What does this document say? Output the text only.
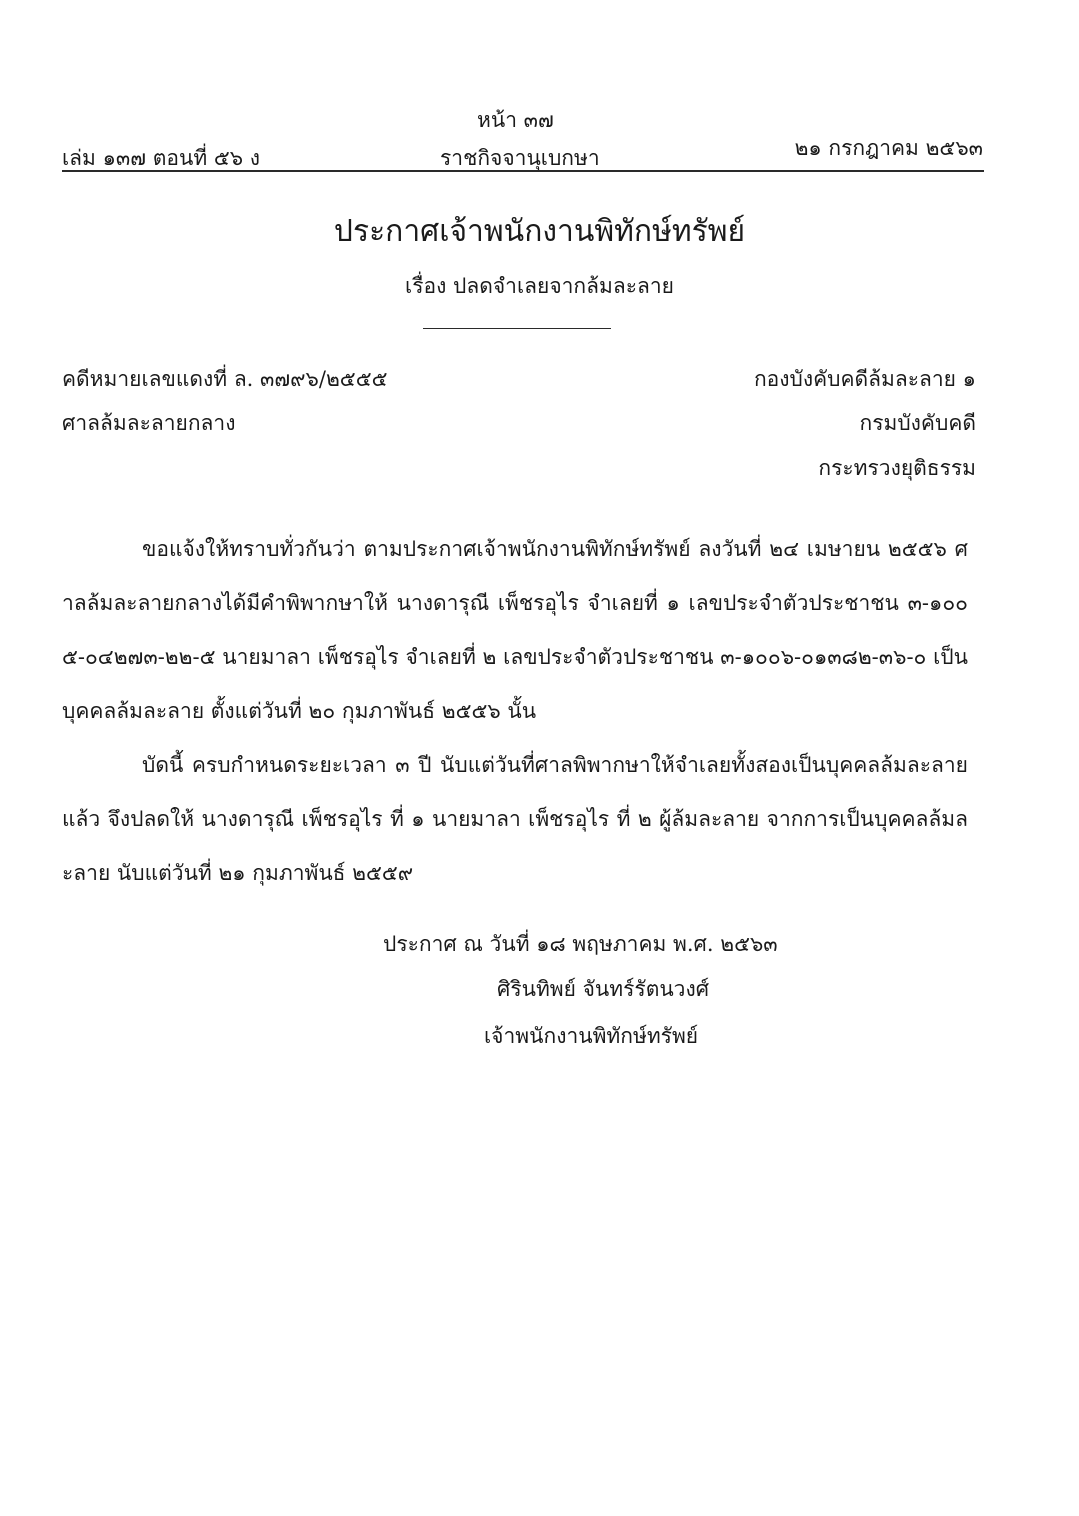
หน้า ๓๗
เล่ม ๑๓๗ ตอนที่ ๕๖ ง	ราชกิจจานุเบกษา	๒๑ กรกฎาคม ๒๕๖๓
ประกาศเจ้าพนักงานพิทักษ์ทรัพย์
เรื่อง ปลดจำเลยจากล้มละลาย
คดีหมายเลขแดงที่ ล. ๓๗๙๖/๒๕๕๕
ศาลล้มละลายกลาง
กองบังคับคดีล้มละลาย ๑
กรมบังคับคดี
กระทรวงยุติธรรม

ขอแจ้งให้ทราบทั่วกันว่า ตามประกาศเจ้าพนักงานพิทักษ์ทรัพย์ ลงวันที่ ๒๔ เมษายน ๒๕๕๖ ศาลล้มละลายกลางได้มีคำพิพากษาให้ นางดารุณี เพ็ชรอุไร จำเลยที่ ๑ เลขประจำตัวประชาชน ๓-๑๐๐๕-๐๔๒๗๓-๒๒-๕ นายมาลา เพ็ชรอุไร จำเลยที่ ๒ เลขประจำตัวประชาชน ๓-๑๐๐๖-๐๑๓๘๒-๓๖-๐ เป็นบุคคลล้มละลาย ตั้งแต่วันที่ ๒๐ กุมภาพันธ์ ๒๕๕๖ นั้น

บัดนี้ ครบกำหนดระยะเวลา ๓ ปี นับแต่วันที่ศาลพิพากษาให้จำเลยทั้งสองเป็นบุคคลล้มละลายแล้ว จึงปลดให้ นางดารุณี เพ็ชรอุไร ที่ ๑ นายมาลา เพ็ชรอุไร ที่ ๒ ผู้ล้มละลาย จากการเป็นบุคคลล้มละลาย นับแต่วันที่ ๒๑ กุมภาพันธ์ ๒๕๕๙

ประกาศ ณ วันที่ ๑๘ พฤษภาคม พ.ศ. ๒๕๖๓
ศิรินทิพย์ จันทร์รัตนวงศ์
เจ้าพนักงานพิทักษ์ทรัพย์
